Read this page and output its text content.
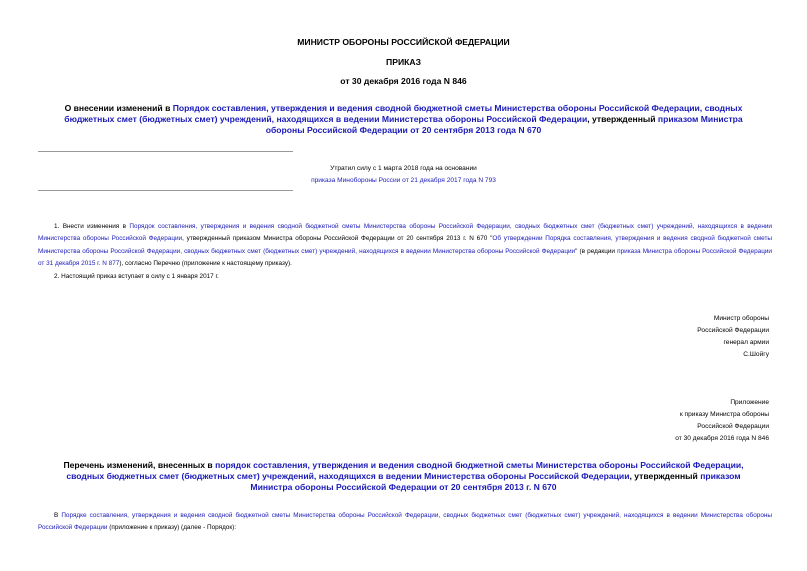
МИНИСТР ОБОРОНЫ РОССИЙСКОЙ ФЕДЕРАЦИИ
ПРИКАЗ
от 30 декабря 2016 года N 846
О внесении изменений в Порядок составления, утверждения и ведения сводной бюджетной сметы Министерства обороны Российской Федерации, сводных бюджетных смет (бюджетных смет) учреждений, находящихся в ведении Министерства обороны Российской Федерации, утвержденный приказом Министра обороны Российской Федерации от 20 сентября 2013 года N 670
Утратил силу с 1 марта 2018 года на основании
приказа Минобороны России от 21 декабря 2017 года N 793
1. Внести изменения в Порядок составления, утверждения и ведения сводной бюджетной сметы Министерства обороны Российской Федерации, сводных бюджетных смет (бюджетных смет) учреждений, находящихся в ведении Министерства обороны Российской Федерации, утвержденный приказом Министра обороны Российской Федерации от 20 сентября 2013 г. N 670 "Об утверждении Порядка составления, утверждения и ведения сводной бюджетной сметы Министерства обороны Российской Федерации, сводных бюджетных смет (бюджетных смет) учреждений, находящихся в ведении Министерства обороны Российской Федерации" (в редакции приказа Министра обороны Российской Федерации от 31 декабря 2015 г. N 877), согласно Перечню (приложение к настоящему приказу).
2. Настоящий приказ вступает в силу с 1 января 2017 г.
Министр обороны
Российской Федерации
генерал армии
С.Шойгу
Приложение
к приказу Министра обороны
Российской Федерации
от 30 декабря 2016 года N 846
Перечень изменений, внесенных в порядок составления, утверждения и ведения сводной бюджетной сметы Министерства обороны Российской Федерации, сводных бюджетных смет (бюджетных смет) учреждений, находящихся в ведении Министерства обороны Российской Федерации, утвержденный приказом Министра обороны Российской Федерации от 20 сентября 2013 г. N 670
В Порядке составления, утверждения и ведения сводной бюджетной сметы Министерства обороны Российской Федерации, сводных бюджетных смет (бюджетных смет) учреждений, находящихся в ведении Министерства обороны Российской Федерации (приложение к приказу) (далее - Порядок):
